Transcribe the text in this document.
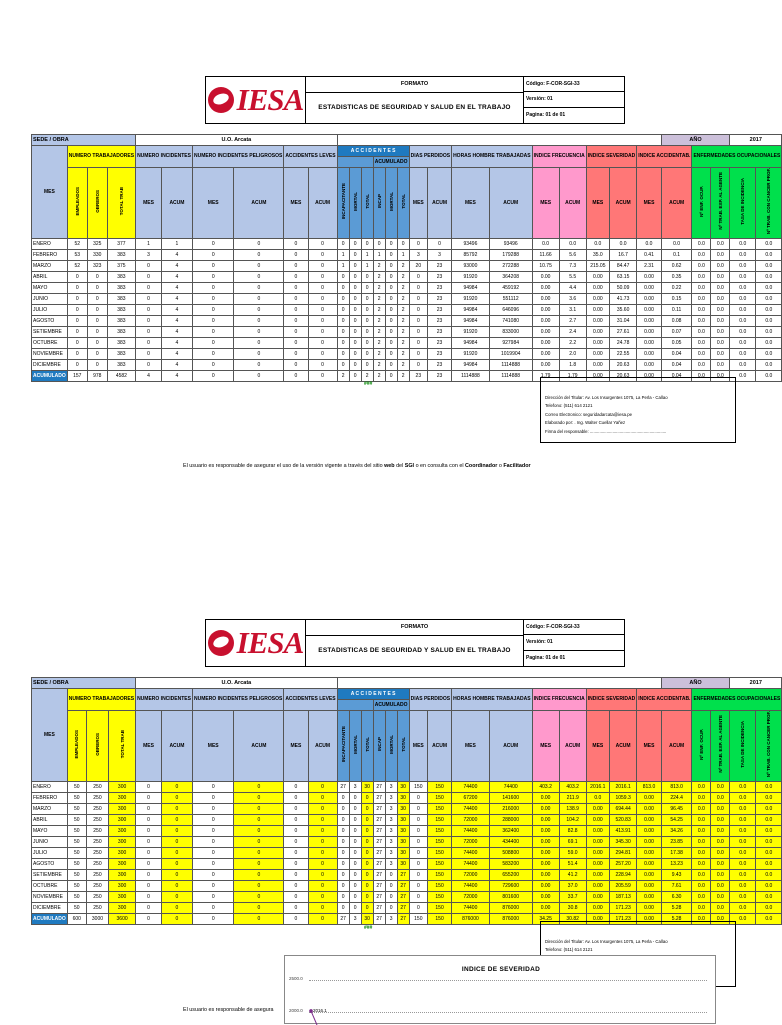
IESA	FORMATO
ESTADISTICAS DE SEGURIDAD Y SALUD EN EL TRABAJO
Código: F-COR-SGI-33
Versión: 01
Pagina: 01 de 01
SEDE / OBRA				U.O. Arcata																					AÑO			2017	
MES	NUMERO TRABAJADORES			NUMERO INCIDENTES		NUMERO INCIDENTES PELIGROSOS		ACCIDENTES LEVES		A C C I D E N T E S						DIAS PERDIDOS		HORAS HOMBRE TRABAJADAS		INDICE FRECUENCIA		INDICE SEVERIDAD		INDICE ACCIDENTAB.		ENFERMEDADES OCUPACIONALES			
													ACUMULADO																
	EMPLEADOS	OBREROS	TOTAL TRAB	MES	ACUM	MES	ACUM	MES	ACUM	INCAPACITANTE	MORTAL	TOTAL	INCAP	MORTAL	TOTAL	MES	ACUM	MES	ACUM	MES	ACUM	MES	ACUM	MES	ACUM	Nº ENF. OCUP.	Nº TRAB. EXP. AL AGENTE	TASA DE INCIDENCIA	Nº TRAB. CON CANCER PROF.
ENERO	52	325	377	1	1	0	0	0	0	0	0	0	0	0	0	0	0	93496	93496	0.0	0.0	0.0	0.0	0.0	0.0	0.0	0.0	0.0	0.0
FEBRERO	53	330	383	3	4	0	0	0	0	1	0	1	1	0	1	3	3	85792	179288	11.66	5.6	35.0	16.7	0.41	0.1	0.0	0.0	0.0	0.0
MARZO	52	323	375	0	4	0	0	0	0	1	0	1	2	0	2	20	23	93000	272288	10.75	7.3	215.05	84.47	2.31	0.62	0.0	0.0	0.0	0.0
ABRIL	0	0	383	0	4	0	0	0	0	0	0	0	2	0	2	0	23	91920	364208	0.00	5.5	0.00	63.15	0.00	0.35	0.0	0.0	0.0	0.0
MAYO	0	0	383	0	4	0	0	0	0	0	0	0	2	0	2	0	23	94984	459192	0.00	4.4	0.00	50.09	0.00	0.22	0.0	0.0	0.0	0.0
JUNIO	0	0	383	0	4	0	0	0	0	0	0	0	2	0	2	0	23	91920	551112	0.00	3.6	0.00	41.73	0.00	0.15	0.0	0.0	0.0	0.0
JULIO	0	0	383	0	4	0	0	0	0	0	0	0	2	0	2	0	23	94984	646096	0.00	3.1	0.00	35.60	0.00	0.11	0.0	0.0	0.0	0.0
AGOSTO	0	0	383	0	4	0	0	0	0	0	0	0	2	0	2	0	23	94984	741080	0.00	2.7	0.00	31.04	0.00	0.08	0.0	0.0	0.0	0.0
SETIEMBRE	0	0	383	0	4	0	0	0	0	0	0	0	2	0	2	0	23	91920	833000	0.00	2.4	0.00	27.61	0.00	0.07	0.0	0.0	0.0	0.0
OCTUBRE	0	0	383	0	4	0	0	0	0	0	0	0	2	0	2	0	23	94984	927984	0.00	2.2	0.00	24.78	0.00	0.05	0.0	0.0	0.0	0.0
NOVIEMBRE	0	0	383	0	4	0	0	0	0	0	0	0	2	0	2	0	23	91920	1019904	0.00	2.0	0.00	22.55	0.00	0.04	0.0	0.0	0.0	0.0
DICIEMBRE	0	0	383	0	4	0	0	0	0	0	0	0	2	0	2	0	23	94984	1114888	0.00	1.8	0.00	20.63	0.00	0.04	0.0	0.0	0.0	0.0
ACUMULADO	157	978	4582	4	4	0	0	0	0	2	0	2	2	0	2	23	23	1114888	1114888	1.79	1.79	0.00	20.63	0.00	0.04	0.0	0.0	0.0	0.0
###
Dirección del Titular: Av. Los Insurgentes 1075, La Perla - Callao
Telefono: (511) 614 2121
Correo Electronico: seguridadarcata@iesa.pe
Elaborado por: . Ing. Walter Cuellar Yañez
Firma del responsable: ................................................................
El usuario es responsable de asegurar el uso de la versión vigente a través del sitio web del SGI o en consulta con el Coordinador o Facilitador
IESA	FORMATO
ESTADISTICAS DE SEGURIDAD Y SALUD EN EL TRABAJO
Código: F-COR-SGI-33
Versión: 01
Pagina: 01 de 01
SEDE / OBRA				U.O. Arcata																					AÑO			2017	
MES	NUMERO TRABAJADORES			NUMERO INCIDENTES		NUMERO INCIDENTES PELIGROSOS		ACCIDENTES LEVES		A C C I D E N T E S						DIAS PERDIDOS		HORAS HOMBRE TRABAJADAS		INDICE FRECUENCIA		INDICE SEVERIDAD		INDICE ACCIDENTAB.		ENFERMEDADES OCUPACIONALES			
													ACUMULADO																
	EMPLEADOS	OBREROS	TOTAL TRAB	MES	ACUM	MES	ACUM	MES	ACUM	INCAPACITANTE	MORTAL	TOTAL	INCAP	MORTAL	TOTAL	MES	ACUM	MES	ACUM	MES	ACUM	MES	ACUM	MES	ACUM	Nº ENF. OCUP.	Nº TRAB. EXP. AL AGENTE	TASA DE INCIDENCIA	Nº TRAB. CON CANCER PROF.
ENERO	50	250	300	0	0	0	0	0	0	27	3	30	27	3	30	150	150	74400	74400	403.2	403.2	2016.1	2016.1	813.0	813.0	0.0	0.0	0.0	0.0
FEBRERO	50	250	300	0	0	0	0	0	0	0	0	0	27	3	30	0	150	67200	141600	0.00	211.9	0.0	1059.3	0.00	224.4	0.0	0.0	0.0	0.0
MARZO	50	250	300	0	0	0	0	0	0	0	0	0	27	3	30	0	150	74400	216000	0.00	138.9	0.00	694.44	0.00	96.45	0.0	0.0	0.0	0.0
ABRIL	50	250	300	0	0	0	0	0	0	0	0	0	27	3	30	0	150	72000	288000	0.00	104.2	0.00	520.83	0.00	54.25	0.0	0.0	0.0	0.0
MAYO	50	250	300	0	0	0	0	0	0	0	0	0	27	3	30	0	150	74400	362400	0.00	82.8	0.00	413.91	0.00	34.26	0.0	0.0	0.0	0.0
JUNIO	50	250	300	0	0	0	0	0	0	0	0	0	27	3	30	0	150	72000	434400	0.00	69.1	0.00	345.30	0.00	23.85	0.0	0.0	0.0	0.0
JULIO	50	250	300	0	0	0	0	0	0	0	0	0	27	3	30	0	150	74400	508800	0.00	59.0	0.00	294.81	0.00	17.38	0.0	0.0	0.0	0.0
AGOSTO	50	250	300	0	0	0	0	0	0	0	0	0	27	3	30	0	150	74400	583200	0.00	51.4	0.00	257.20	0.00	13.23	0.0	0.0	0.0	0.0
SETIEMBRE	50	250	300	0	0	0	0	0	0	0	0	0	27	0	27	0	150	72000	655200	0.00	41.2	0.00	228.94	0.00	9.43	0.0	0.0	0.0	0.0
OCTUBRE	50	250	300	0	0	0	0	0	0	0	0	0	27	0	27	0	150	74400	729600	0.00	37.0	0.00	205.59	0.00	7.61	0.0	0.0	0.0	0.0
NOVIEMBRE	50	250	300	0	0	0	0	0	0	0	0	0	27	0	27	0	150	72000	801600	0.00	33.7	0.00	187.13	0.00	6.30	0.0	0.0	0.0	0.0
DICIEMBRE	50	250	300	0	0	0	0	0	0	0	0	0	27	0	27	0	150	74400	876000	0.00	30.8	0.00	171.23	0.00	5.28	0.0	0.0	0.0	0.0
ACUMULADO	600	3000	3600	0	0	0	0	0	0	27	3	30	27	3	27	150	150	876000	876000	34.25	30.82	0.00	171.23	0.00	5.28	0.0	0.0	0.0	0.0
###
Dirección del Titular: Av. Los Insurgentes 1075, La Perla - Callao
Telefono: (511) 614 2121
El usuario es responsable de asegura
INDICE DE SEVERIDAD
2500.0
2000.0 2016.1
